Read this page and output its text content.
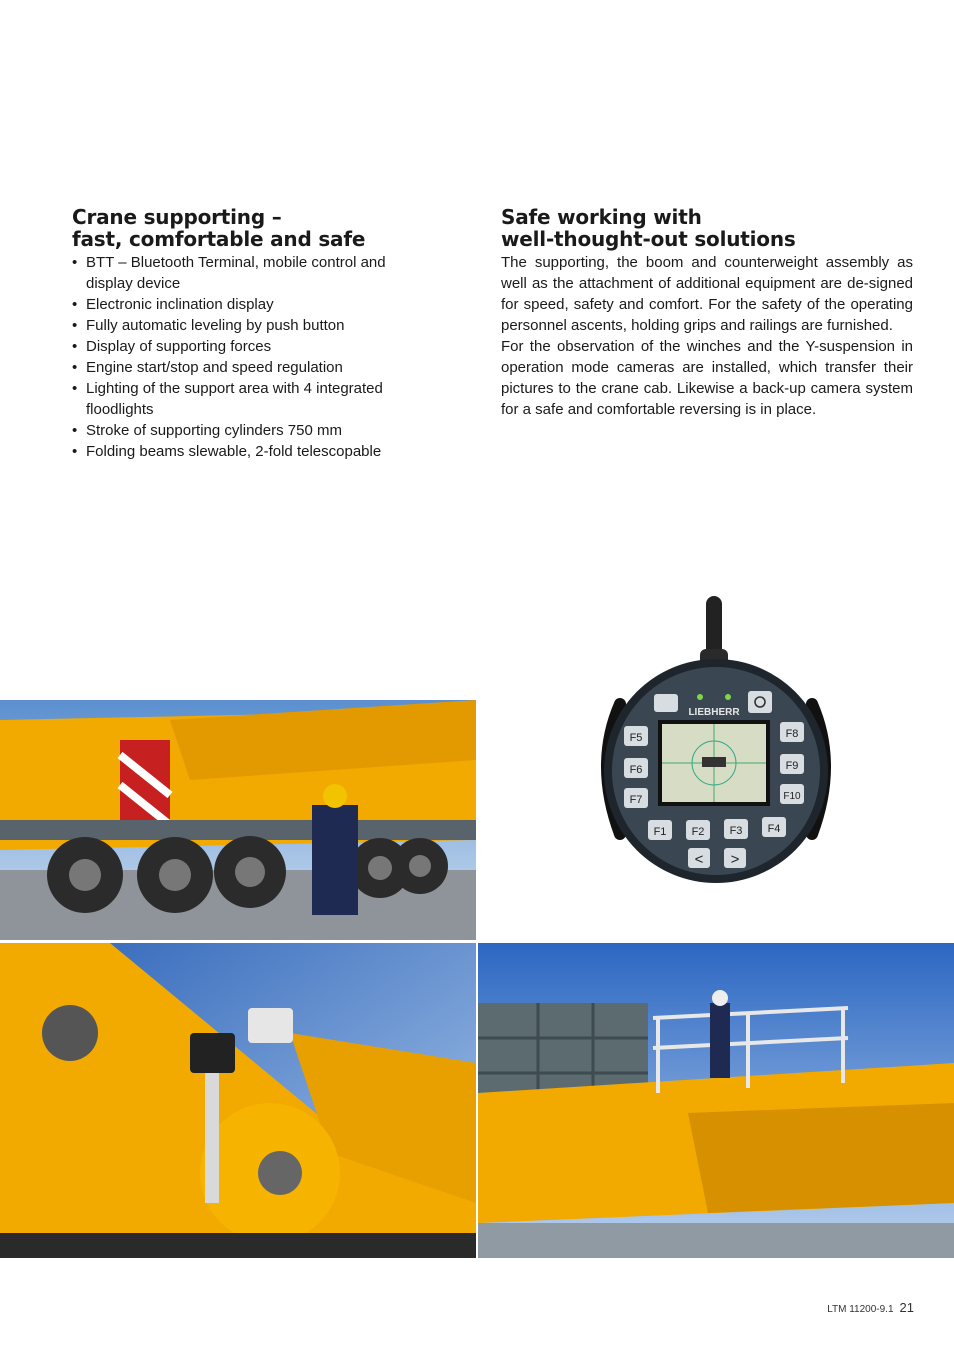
Crane supporting –
fast, comfortable and safe
• BTT – Bluetooth Terminal, mobile control and display device
• Electronic inclination display
• Fully automatic leveling by push button
• Display of supporting forces
• Engine start/stop and speed regulation
• Lighting of the support area with 4 integrated floodlights
• Stroke of supporting cylinders 750 mm
• Folding beams slewable, 2-fold telescopable
Safe working with
well-thought-out solutions

The supporting, the boom and counterweight assembly as well as the attachment of additional equipment are de-signed for speed, safety and comfort. For the safety of the operating personnel ascents, holding grips and railings are furnished.

For the observation of the winches and the Y-suspension in operation mode cameras are installed, which transfer their pictures to the crane cab. Likewise a back-up camera system for a safe and comfortable reversing is in place.

LIEBHERR
F5
F6
F7
F8
F9
F10
F1 F2 F3 F4
< >
LTM 11200-9.1 21
